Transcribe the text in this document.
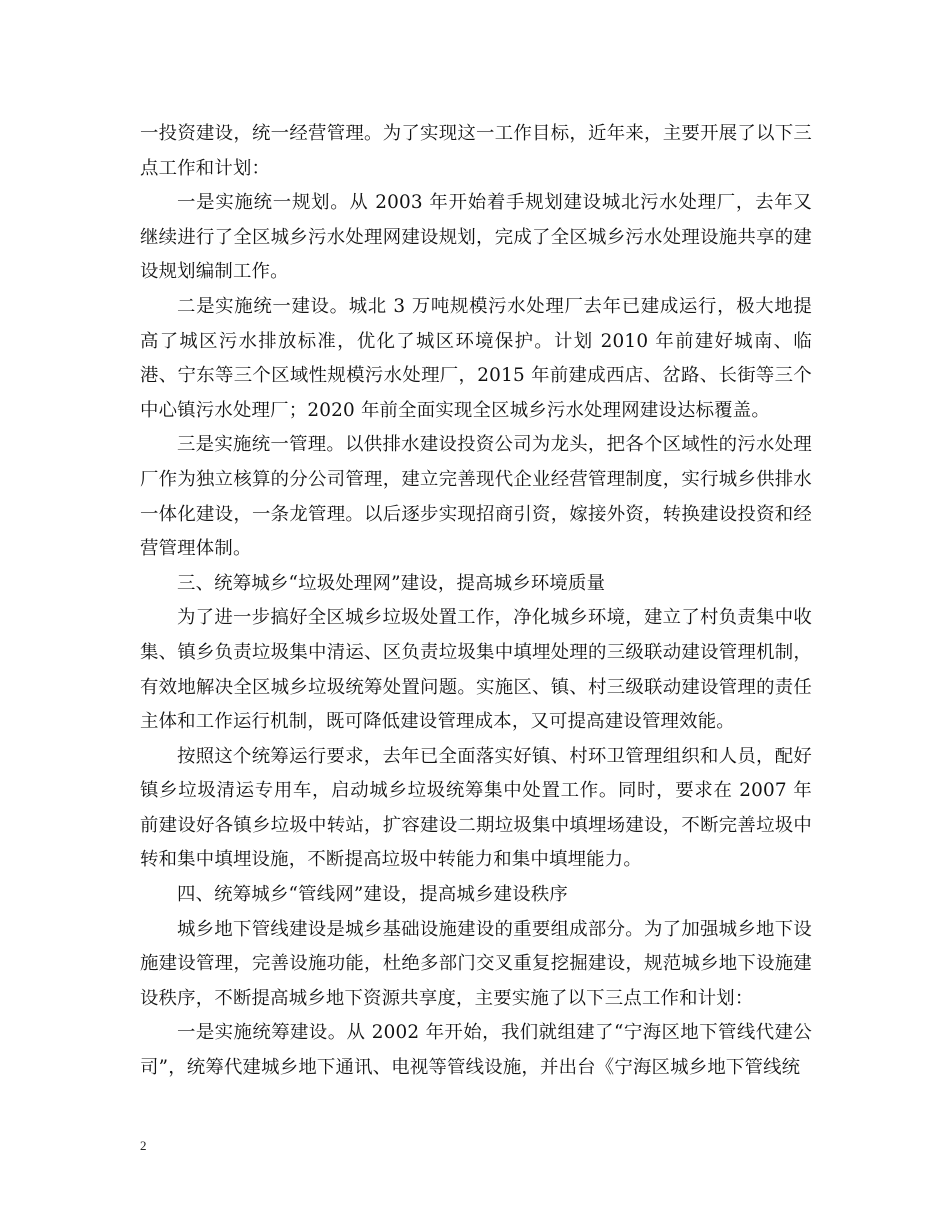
一投资建设，统一经营管理。为了实现这一工作目标，近年来，主要开展了以下三点工作和计划：

一是实施统一规划。从 2003 年开始着手规划建设城北污水处理厂，去年又继续进行了全区城乡污水处理网建设规划，完成了全区城乡污水处理设施共享的建设规划编制工作。

二是实施统一建设。城北 3 万吨规模污水处理厂去年已建成运行，极大地提高了城区污水排放标准，优化了城区环境保护。计划 2010 年前建好城南、临港、宁东等三个区域性规模污水处理厂，2015 年前建成西店、岔路、长街等三个中心镇污水处理厂；2020 年前全面实现全区城乡污水处理网建设达标覆盖。

三是实施统一管理。以供排水建设投资公司为龙头，把各个区域性的污水处理厂作为独立核算的分公司管理，建立完善现代企业经营管理制度，实行城乡供排水一体化建设，一条龙管理。以后逐步实现招商引资，嫁接外资，转换建设投资和经营管理体制。

三、统筹城乡“垃圾处理网”建设，提高城乡环境质量

为了进一步搞好全区城乡垃圾处置工作，净化城乡环境，建立了村负责集中收集、镇乡负责垃圾集中清运、区负责垃圾集中填埋处理的三级联动建设管理机制，有效地解决全区城乡垃圾统筹处置问题。实施区、镇、村三级联动建设管理的责任主体和工作运行机制，既可降低建设管理成本，又可提高建设管理效能。

按照这个统筹运行要求，去年已全面落实好镇、村环卫管理组织和人员，配好镇乡垃圾清运专用车，启动城乡垃圾统筹集中处置工作。同时，要求在 2007 年前建设好各镇乡垃圾中转站，扩容建设二期垃圾集中填埋场建设，不断完善垃圾中转和集中填埋设施，不断提高垃圾中转能力和集中填埋能力。

四、统筹城乡“管线网”建设，提高城乡建设秩序

城乡地下管线建设是城乡基础设施建设的重要组成部分。为了加强城乡地下设施建设管理，完善设施功能，杜绝多部门交叉重复挖掘建设，规范城乡地下设施建设秩序，不断提高城乡地下资源共享度，主要实施了以下三点工作和计划：

一是实施统筹建设。从 2002 年开始，我们就组建了“宁海区地下管线代建公司”，统筹代建城乡地下通讯、电视等管线设施，并出台《宁海区城乡地下管线统

2
